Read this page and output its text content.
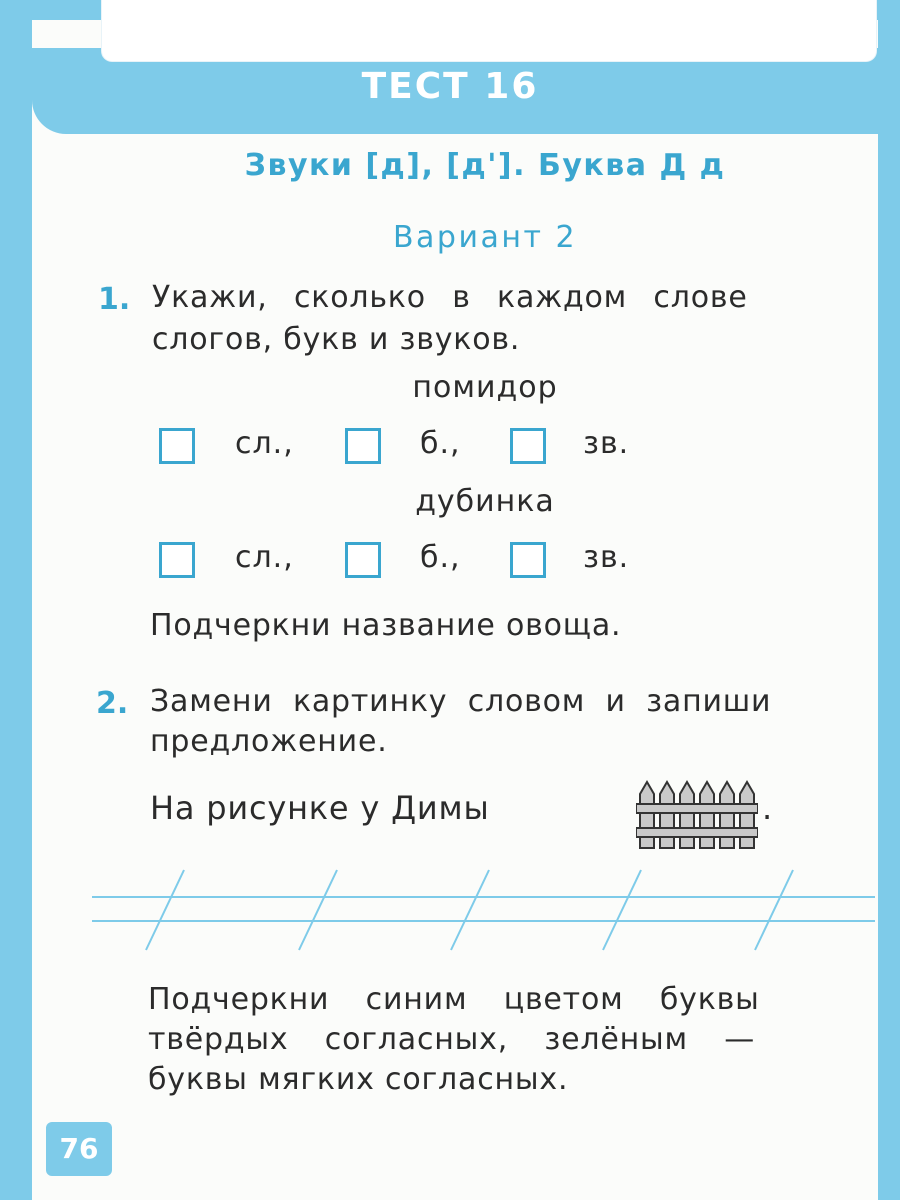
ТЕСТ 16
Звуки [д], [д']. Буква Д д
Вариант 2
1. Укажи, сколько в каждом слове
слогов, букв и звуков.
помидор
сл.,	б.,	зв.
дубинка
сл.,	б.,	зв.
Подчеркни название овоща.
2. Замени картинку словом и запиши
предложение.
На рисунке у Димы	.
Подчеркни синим цветом буквы
твёрдых согласных, зелёным —
буквы мягких согласных.
76
